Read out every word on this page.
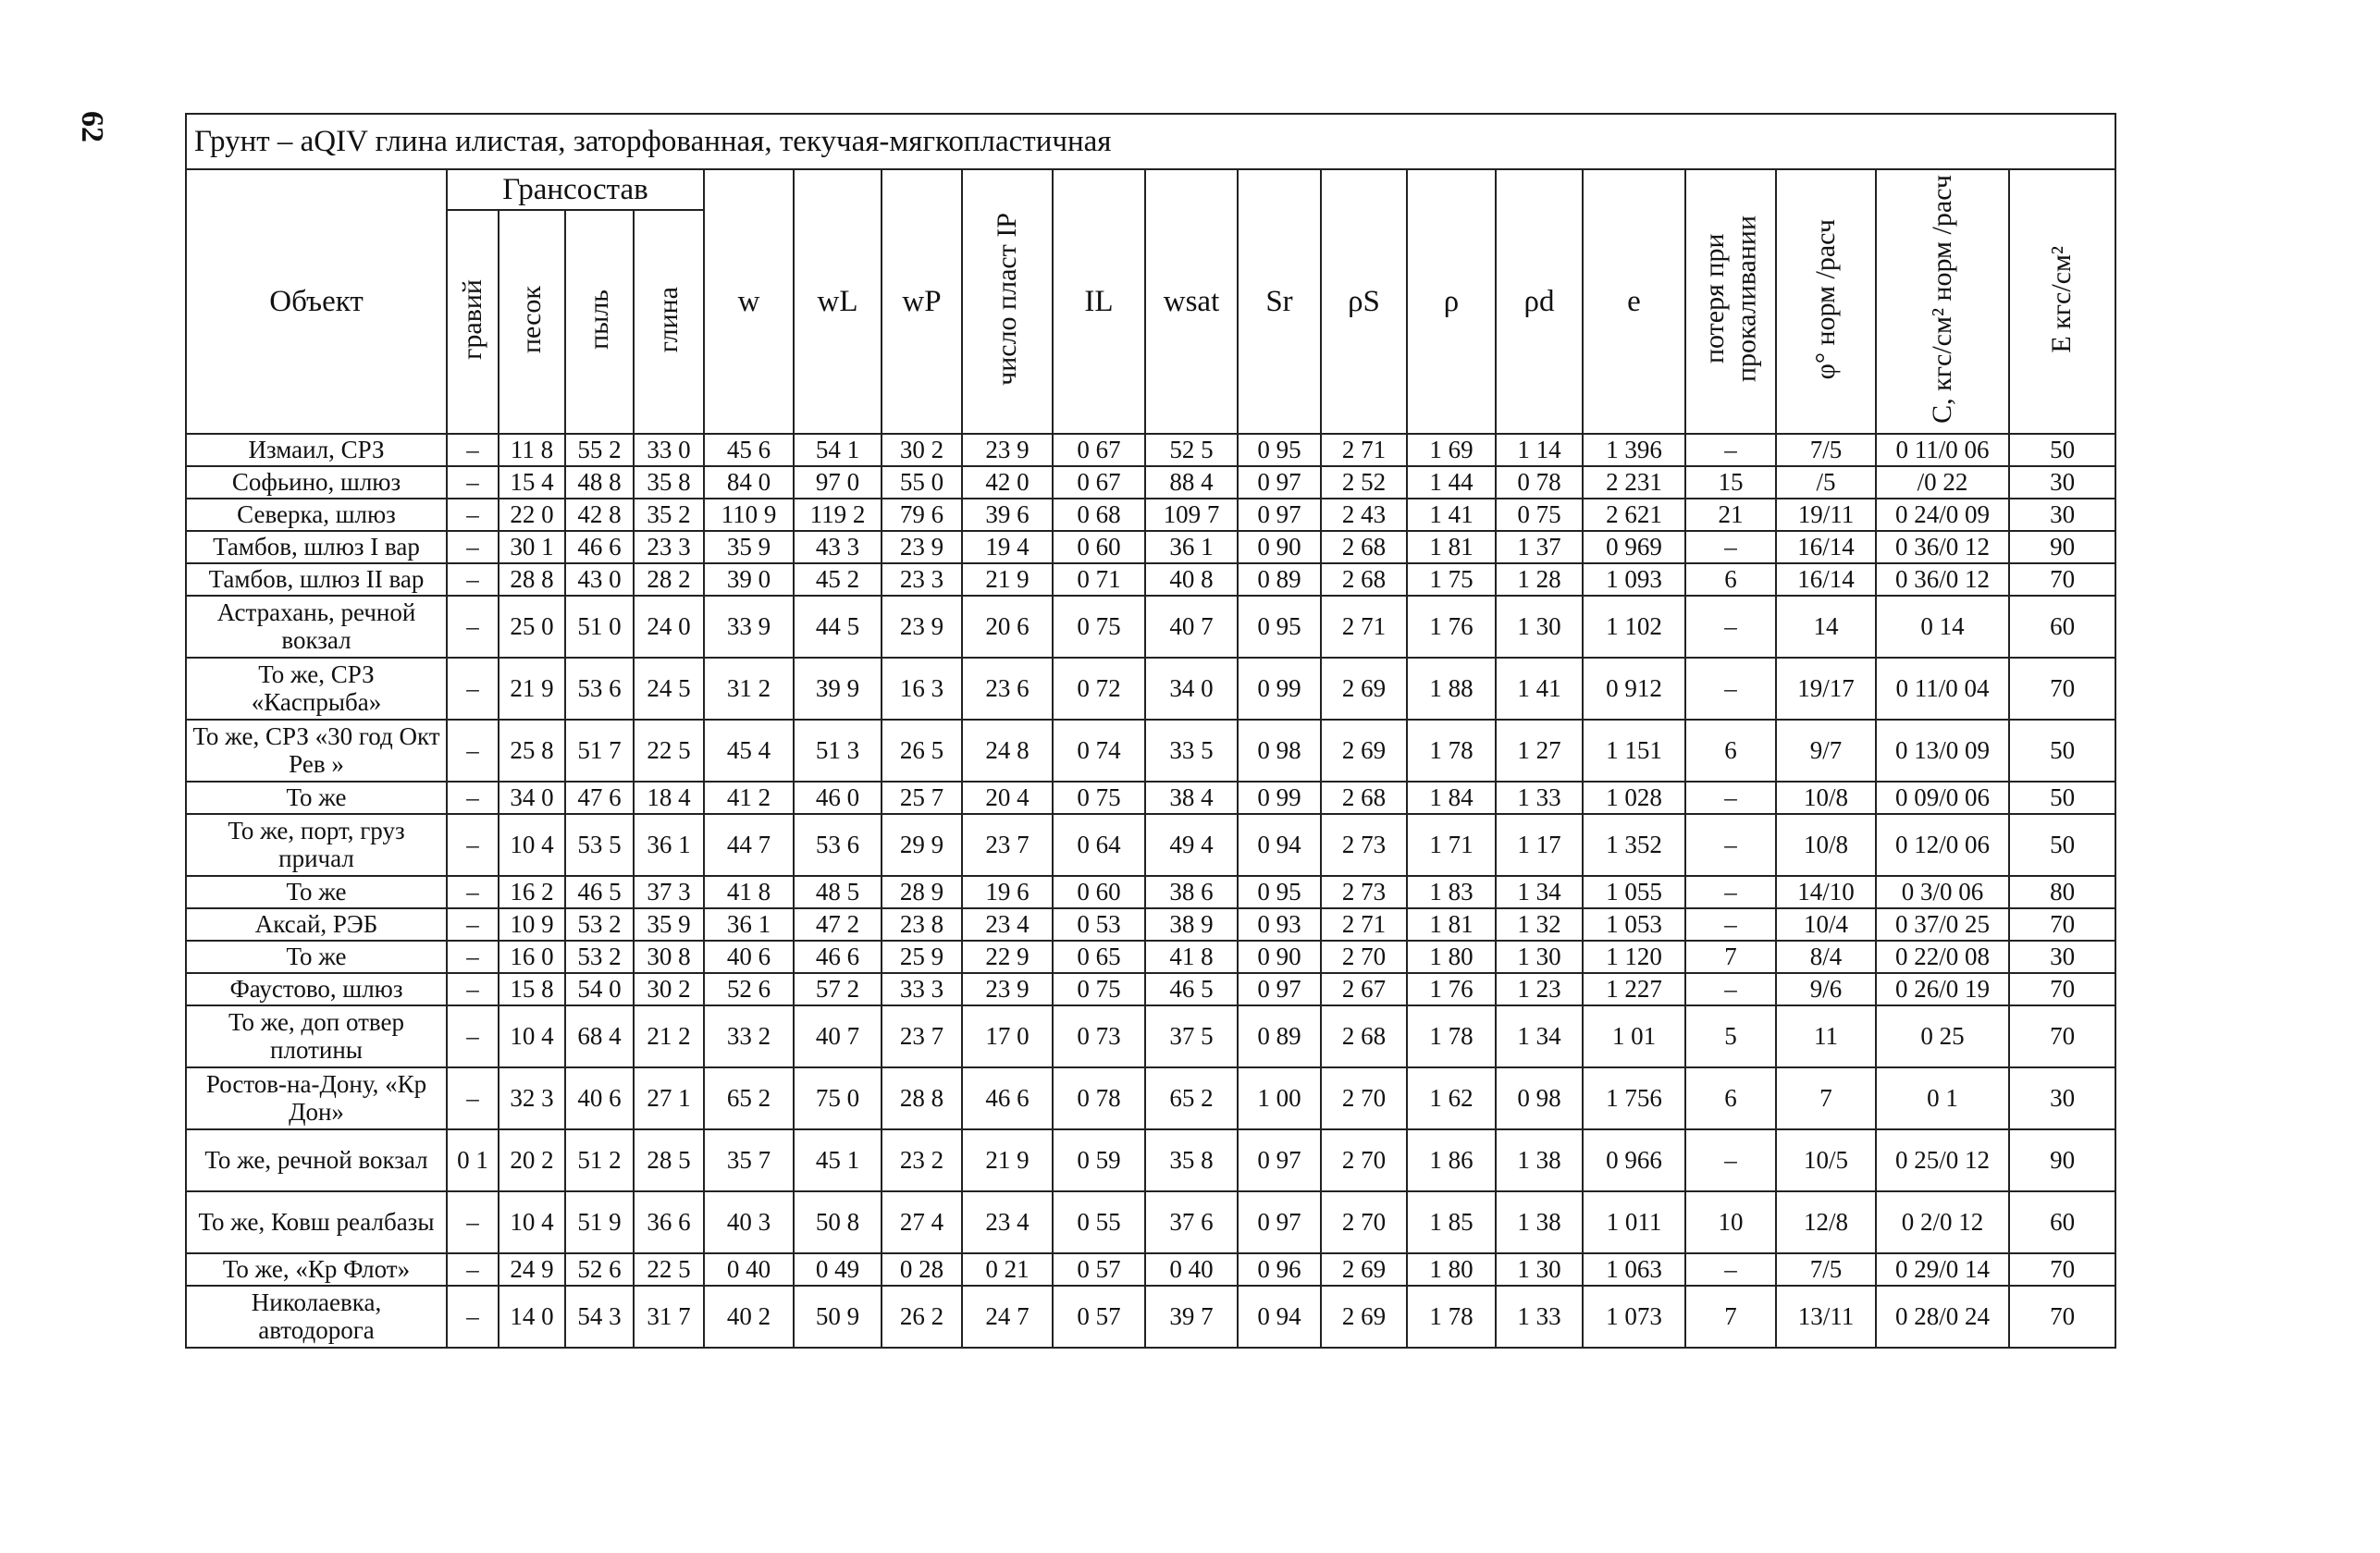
62	Грунт – aQIV глина илистая, заторфованная, текучая-мягкопластичная																			
Объект	Грансостав				w	wL	wP	число пласт IP	IL	wsat	Sr	ρS	ρ	ρd	e	потеря при прокаливании	φ° норм /расч	С, кгс/см² норм /расч	Е кгс/см²
	гравий	песок	пыль	глина															
Измаил, СРЗ	–	11 8	55 2	33 0	45 6	54 1	30 2	23 9	0 67	52 5	0 95	2 71	1 69	1 14	1 396	–	7/5	0 11/0 06	50
Софьино, шлюз	–	15 4	48 8	35 8	84 0	97 0	55 0	42 0	0 67	88 4	0 97	2 52	1 44	0 78	2 231	15	/5	/0 22	30
Северка, шлюз	–	22 0	42 8	35 2	110 9	119 2	79 6	39 6	0 68	109 7	0 97	2 43	1 41	0 75	2 621	21	19/11	0 24/0 09	30
Тамбов, шлюз I вар	–	30 1	46 6	23 3	35 9	43 3	23 9	19 4	0 60	36 1	0 90	2 68	1 81	1 37	0 969	–	16/14	0 36/0 12	90
Тамбов, шлюз II вар	–	28 8	43 0	28 2	39 0	45 2	23 3	21 9	0 71	40 8	0 89	2 68	1 75	1 28	1 093	6	16/14	0 36/0 12	70
Астрахань, речной вокзал	–	25 0	51 0	24 0	33 9	44 5	23 9	20 6	0 75	40 7	0 95	2 71	1 76	1 30	1 102	–	14	0 14	60
То же, СРЗ «Каспрыба»	–	21 9	53 6	24 5	31 2	39 9	16 3	23 6	0 72	34 0	0 99	2 69	1 88	1 41	0 912	–	19/17	0 11/0 04	70
То же, СРЗ «30 год Окт Рев »	–	25 8	51 7	22 5	45 4	51 3	26 5	24 8	0 74	33 5	0 98	2 69	1 78	1 27	1 151	6	9/7	0 13/0 09	50
То же	–	34 0	47 6	18 4	41 2	46 0	25 7	20 4	0 75	38 4	0 99	2 68	1 84	1 33	1 028	–	10/8	0 09/0 06	50
То же, порт, груз причал	–	10 4	53 5	36 1	44 7	53 6	29 9	23 7	0 64	49 4	0 94	2 73	1 71	1 17	1 352	–	10/8	0 12/0 06	50
То же	–	16 2	46 5	37 3	41 8	48 5	28 9	19 6	0 60	38 6	0 95	2 73	1 83	1 34	1 055	–	14/10	0 3/0 06	80
Аксай, РЭБ	–	10 9	53 2	35 9	36 1	47 2	23 8	23 4	0 53	38 9	0 93	2 71	1 81	1 32	1 053	–	10/4	0 37/0 25	70
То же	–	16 0	53 2	30 8	40 6	46 6	25 9	22 9	0 65	41 8	0 90	2 70	1 80	1 30	1 120	7	8/4	0 22/0 08	30
Фаустово, шлюз	–	15 8	54 0	30 2	52 6	57 2	33 3	23 9	0 75	46 5	0 97	2 67	1 76	1 23	1 227	–	9/6	0 26/0 19	70
То же, доп отвер плотины	–	10 4	68 4	21 2	33 2	40 7	23 7	17 0	0 73	37 5	0 89	2 68	1 78	1 34	1 01	5	11	0 25	70
Ростов-на-Дону, «Кр Дон»	–	32 3	40 6	27 1	65 2	75 0	28 8	46 6	0 78	65 2	1 00	2 70	1 62	0 98	1 756	6	7	0 1	30
То же, речной вокзал	0 1	20 2	51 2	28 5	35 7	45 1	23 2	21 9	0 59	35 8	0 97	2 70	1 86	1 38	0 966	–	10/5	0 25/0 12	90
То же, Ковш реалбазы	–	10 4	51 9	36 6	40 3	50 8	27 4	23 4	0 55	37 6	0 97	2 70	1 85	1 38	1 011	10	12/8	0 2/0 12	60
То же, «Кр Флот»	–	24 9	52 6	22 5	0 40	0 49	0 28	0 21	0 57	0 40	0 96	2 69	1 80	1 30	1 063	–	7/5	0 29/0 14	70
Николаевка, автодорога	–	14 0	54 3	31 7	40 2	50 9	26 2	24 7	0 57	39 7	0 94	2 69	1 78	1 33	1 073	7	13/11	0 28/0 24	70
